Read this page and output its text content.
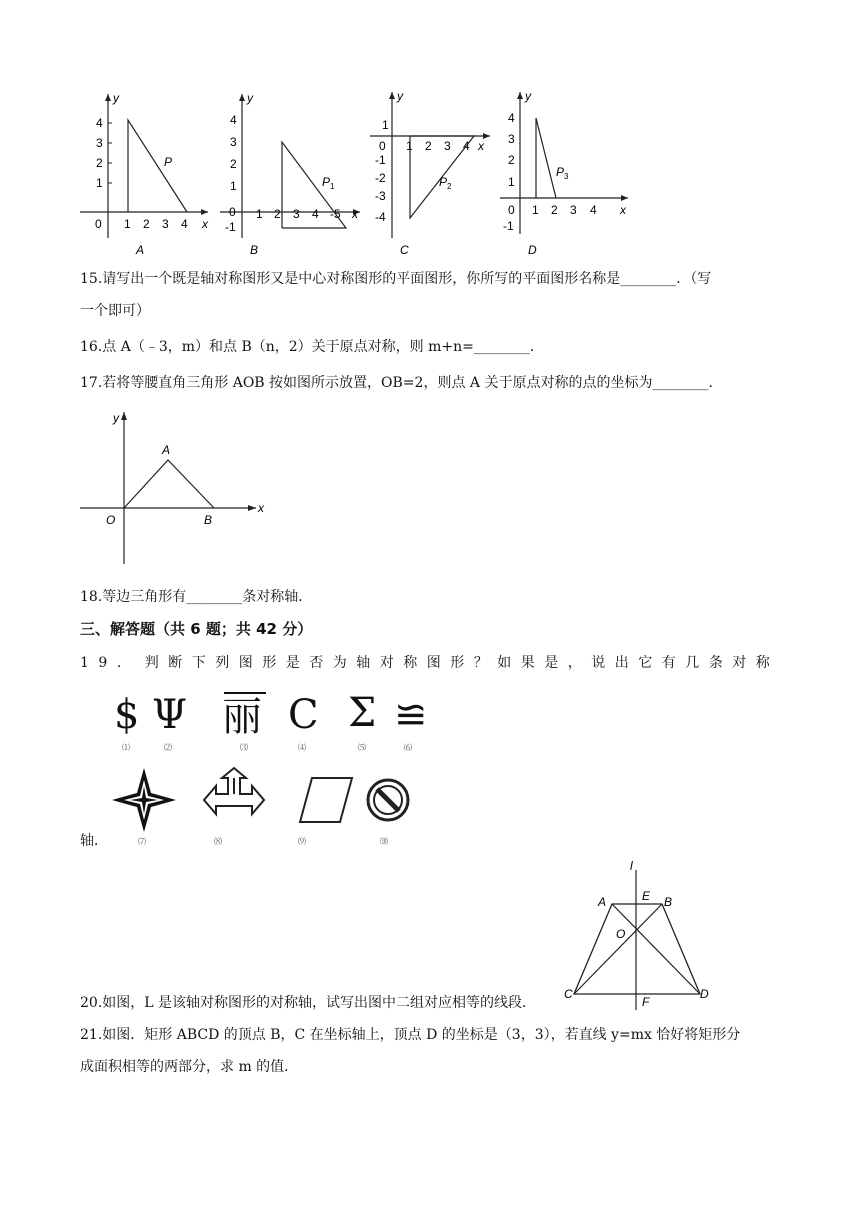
y
x
0 1 2 3 4
4
3
2
1
P
A
y
x
0 1 2 3 4 -5
4
3
2
1
-1
P 1
B
y
x
1
0 1 2 3 4
-1
-2
-3
-4
P 2
C
y
x
0 1 2 3 4
4
3
2
1
-1
P 3
D
15.请写出一个既是轴对称图形又是中心对称图形的平面图形，你所写的平面图形名称是________．（写
一个即可）
16.点 A（﹣3，m）和点 B（n，2）关于原点对称，则 m+n=________．
17.若将等腰直角三角形 AOB 按如图所示放置，OB=2，则点 A 关于原点对称的点的坐标为________．
y
x
A
O	B
18.等边三角形有________条对称轴．
三、解答题（共 6 题；共 42 分）
19. 判断下列图形是否为轴对称图形？如果是，说出它有几条对称
$ Ψ 丽 C Σ ≌
⑴	⑵	⑶	⑷	⑸	⑹
⑺	⑻	⑼	⑽
轴．
l
A	E B
O
C
F
D
20.如图，L 是该轴对称图形的对称轴，试写出图中二组对应相等的线段．
21.如图．矩形 ABCD 的顶点 B，C 在坐标轴上，顶点 D 的坐标是（3，3），若直线 y=mx 恰好将矩形分
成面积相等的两部分，求 m 的值．
